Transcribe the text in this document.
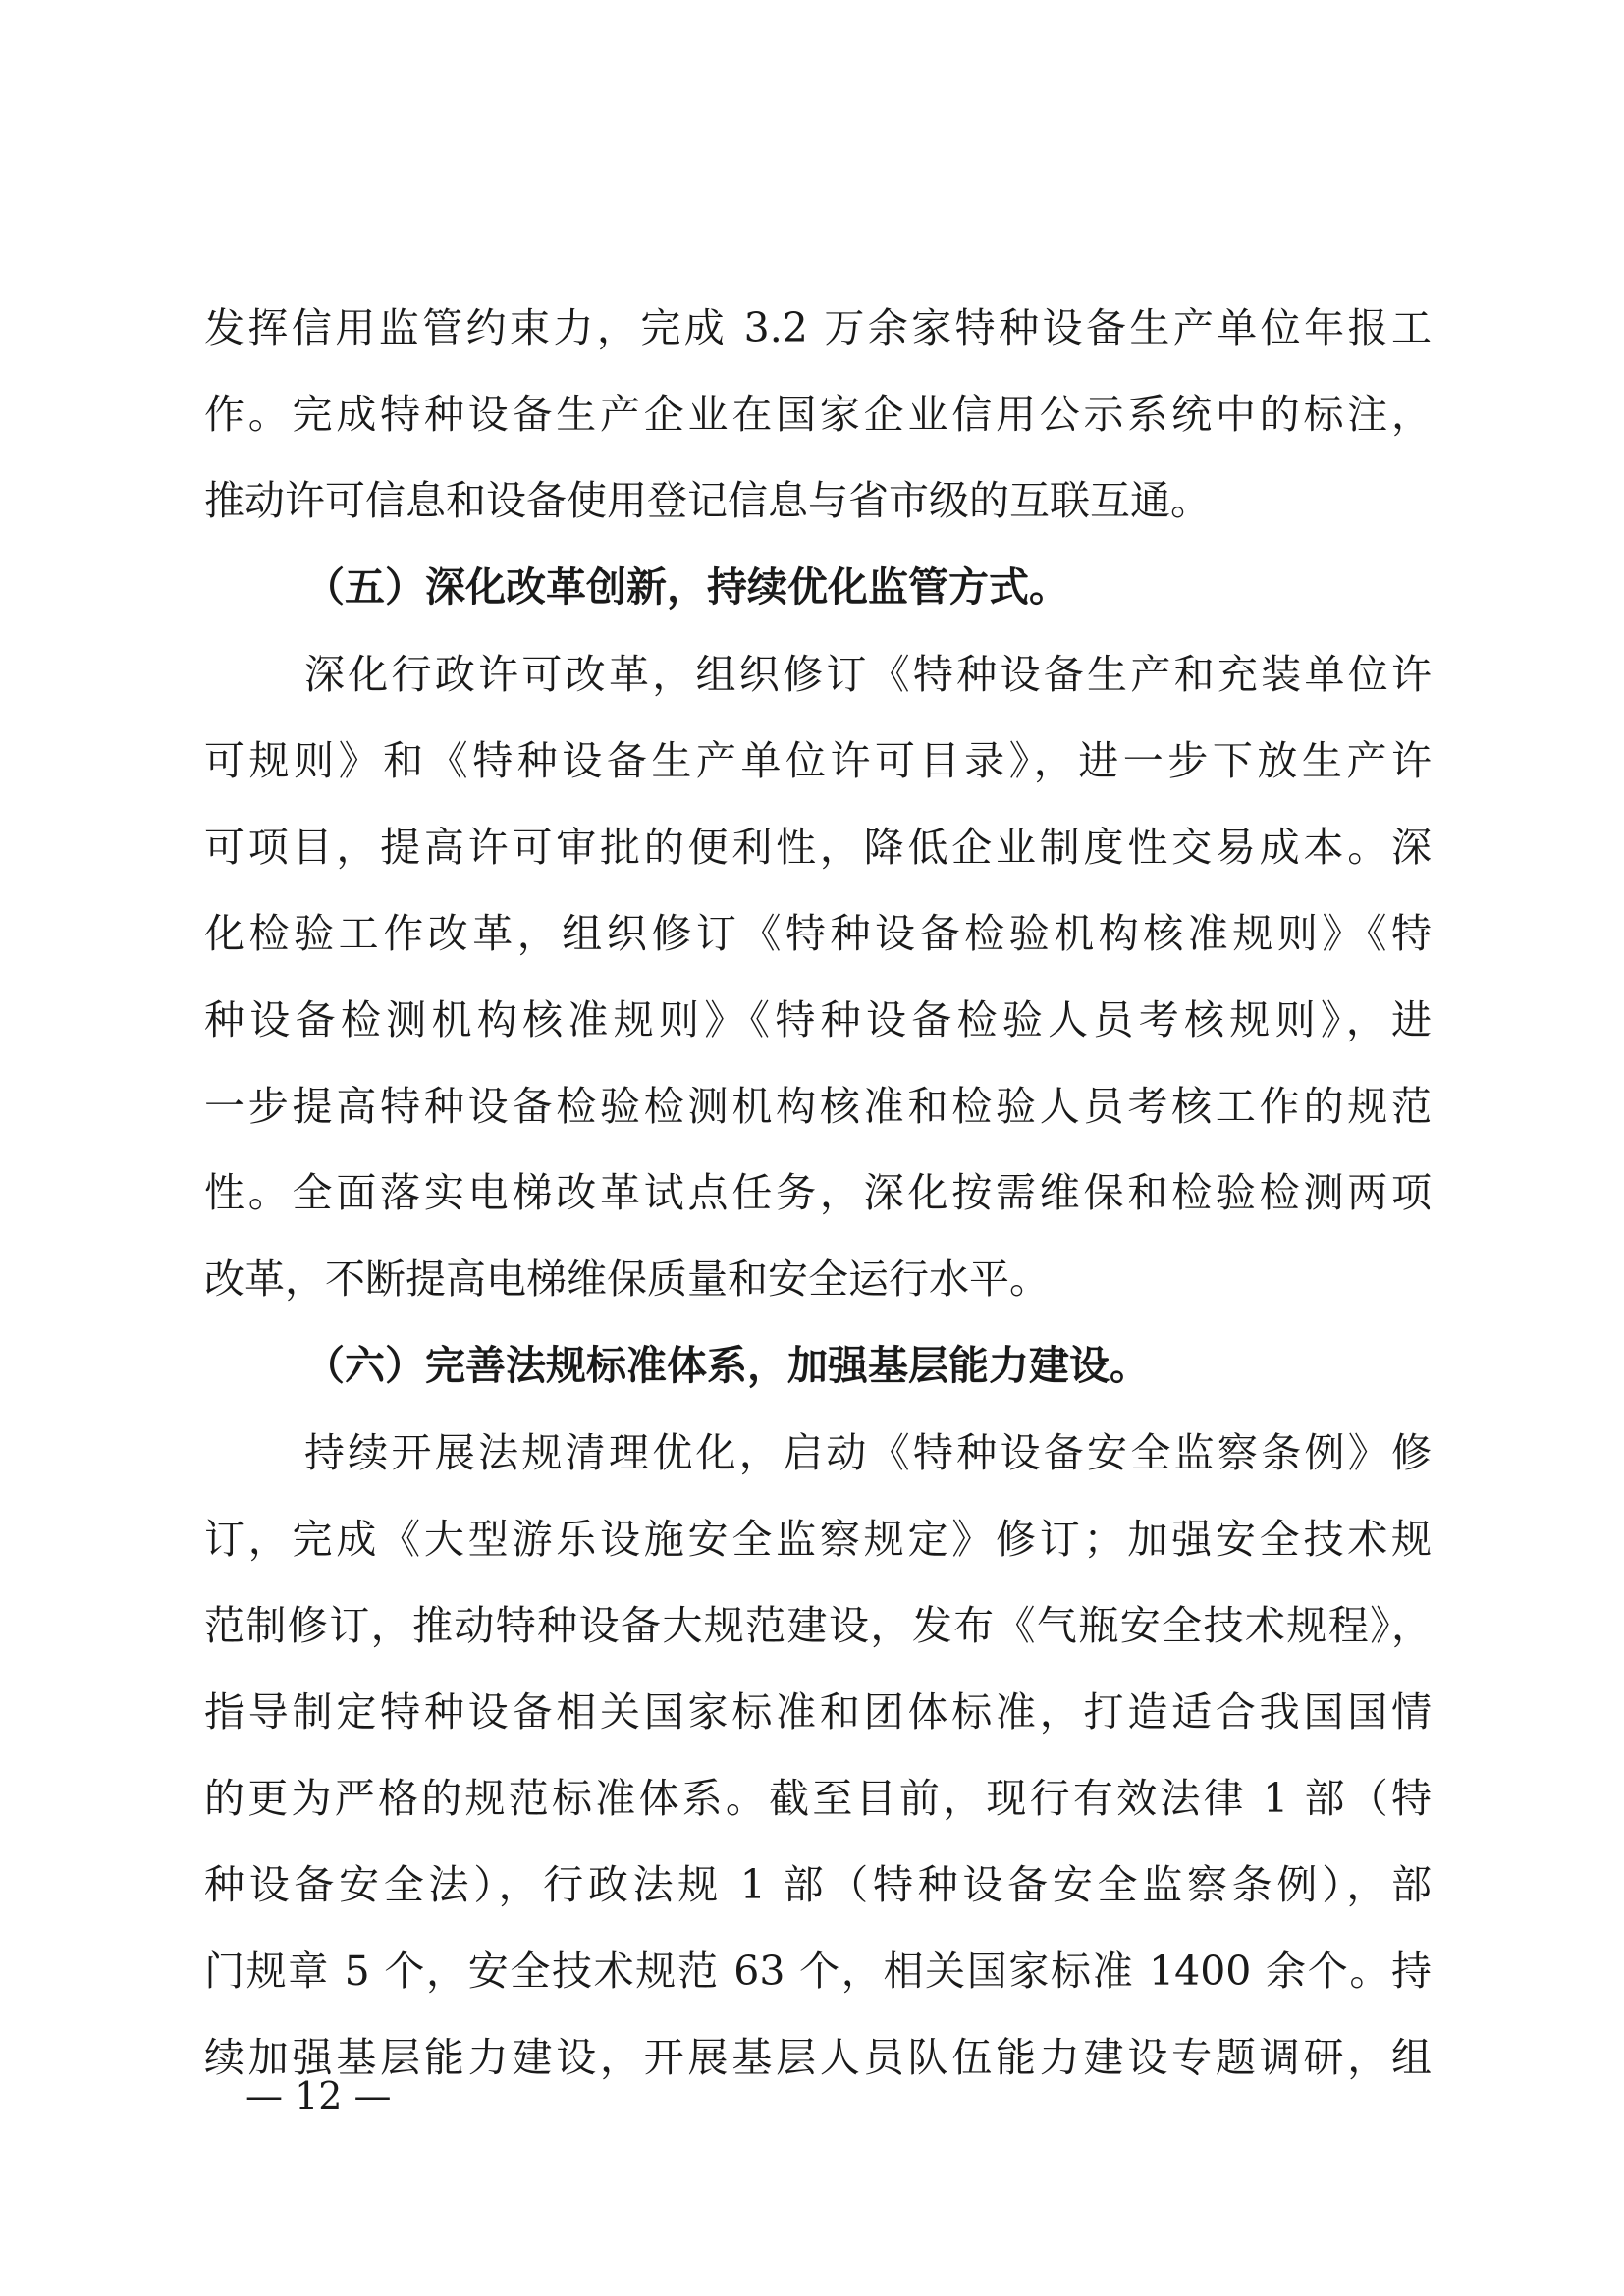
发挥信用监管约束力，完成 3.2 万余家特种设备生产单位年报工
作。完成特种设备生产企业在国家企业信用公示系统中的标注，
推动许可信息和设备使用登记信息与省市级的互联互通。
（五）深化改革创新，持续优化监管方式。
深化行政许可改革，组织修订《特种设备生产和充装单位许
可规则》和《特种设备生产单位许可目录》，进一步下放生产许
可项目，提高许可审批的便利性，降低企业制度性交易成本。深
化检验工作改革，组织修订《特种设备检验机构核准规则》《特
种设备检测机构核准规则》《特种设备检验人员考核规则》，进
一步提高特种设备检验检测机构核准和检验人员考核工作的规范
性。全面落实电梯改革试点任务，深化按需维保和检验检测两项
改革，不断提高电梯维保质量和安全运行水平。
（六）完善法规标准体系，加强基层能力建设。
持续开展法规清理优化，启动《特种设备安全监察条例》修
订，完成《大型游乐设施安全监察规定》修订；加强安全技术规
范制修订，推动特种设备大规范建设，发布《气瓶安全技术规程》，
指导制定特种设备相关国家标准和团体标准，打造适合我国国情
的更为严格的规范标准体系。截至目前，现行有效法律 1 部（特
种设备安全法），行政法规 1 部（特种设备安全监察条例），部
门规章 5 个，安全技术规范 63 个，相关国家标准 1400 余个。持
续加强基层能力建设，开展基层人员队伍能力建设专题调研，组
— 12 —
